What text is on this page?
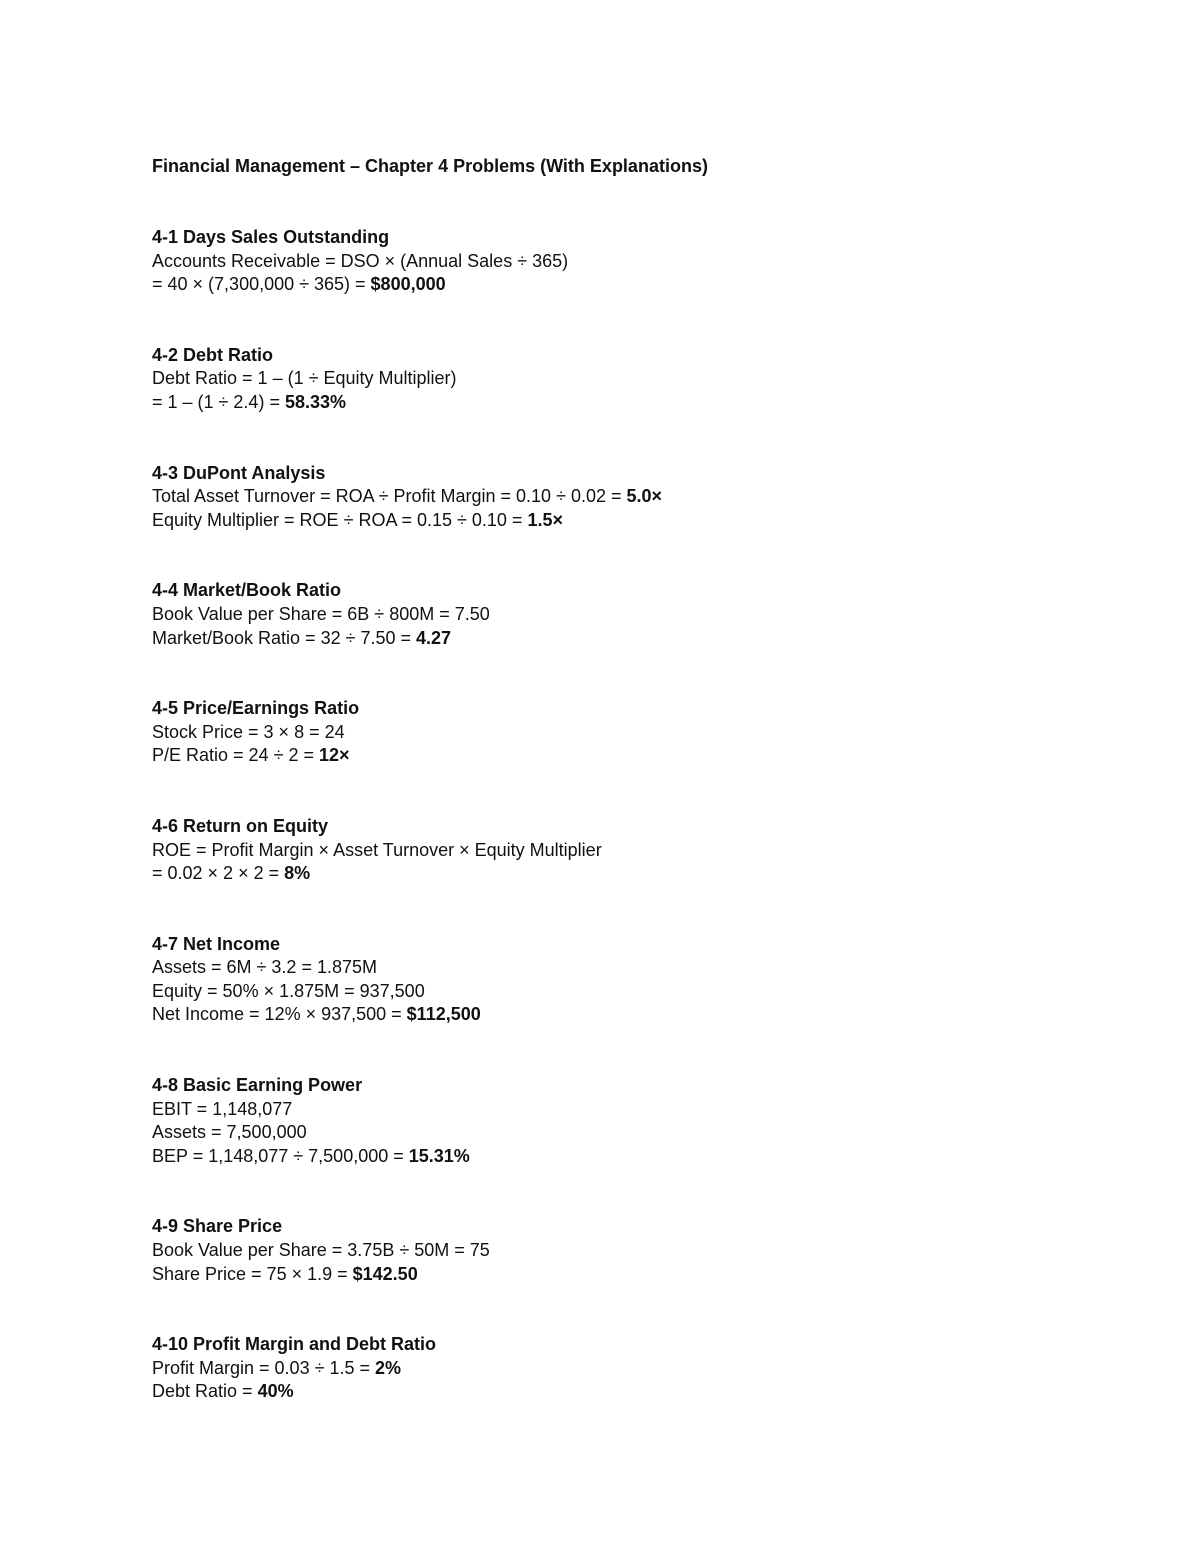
Financial Management – Chapter 4 Problems (With Explanations)
4-1 Days Sales Outstanding
Accounts Receivable = DSO × (Annual Sales ÷ 365)
= 40 × (7,300,000 ÷ 365) = $800,000
4-2 Debt Ratio
Debt Ratio = 1 – (1 ÷ Equity Multiplier)
= 1 – (1 ÷ 2.4) = 58.33%
4-3 DuPont Analysis
Total Asset Turnover = ROA ÷ Profit Margin = 0.10 ÷ 0.02 = 5.0×
Equity Multiplier = ROE ÷ ROA = 0.15 ÷ 0.10 = 1.5×
4-4 Market/Book Ratio
Book Value per Share = 6B ÷ 800M = 7.50
Market/Book Ratio = 32 ÷ 7.50 = 4.27
4-5 Price/Earnings Ratio
Stock Price = 3 × 8 = 24
P/E Ratio = 24 ÷ 2 = 12×
4-6 Return on Equity
ROE = Profit Margin × Asset Turnover × Equity Multiplier
= 0.02 × 2 × 2 = 8%
4-7 Net Income
Assets = 6M ÷ 3.2 = 1.875M
Equity = 50% × 1.875M = 937,500
Net Income = 12% × 937,500 = $112,500
4-8 Basic Earning Power
EBIT = 1,148,077
Assets = 7,500,000
BEP = 1,148,077 ÷ 7,500,000 = 15.31%
4-9 Share Price
Book Value per Share = 3.75B ÷ 50M = 75
Share Price = 75 × 1.9 = $142.50
4-10 Profit Margin and Debt Ratio
Profit Margin = 0.03 ÷ 1.5 = 2%
Debt Ratio = 40%
